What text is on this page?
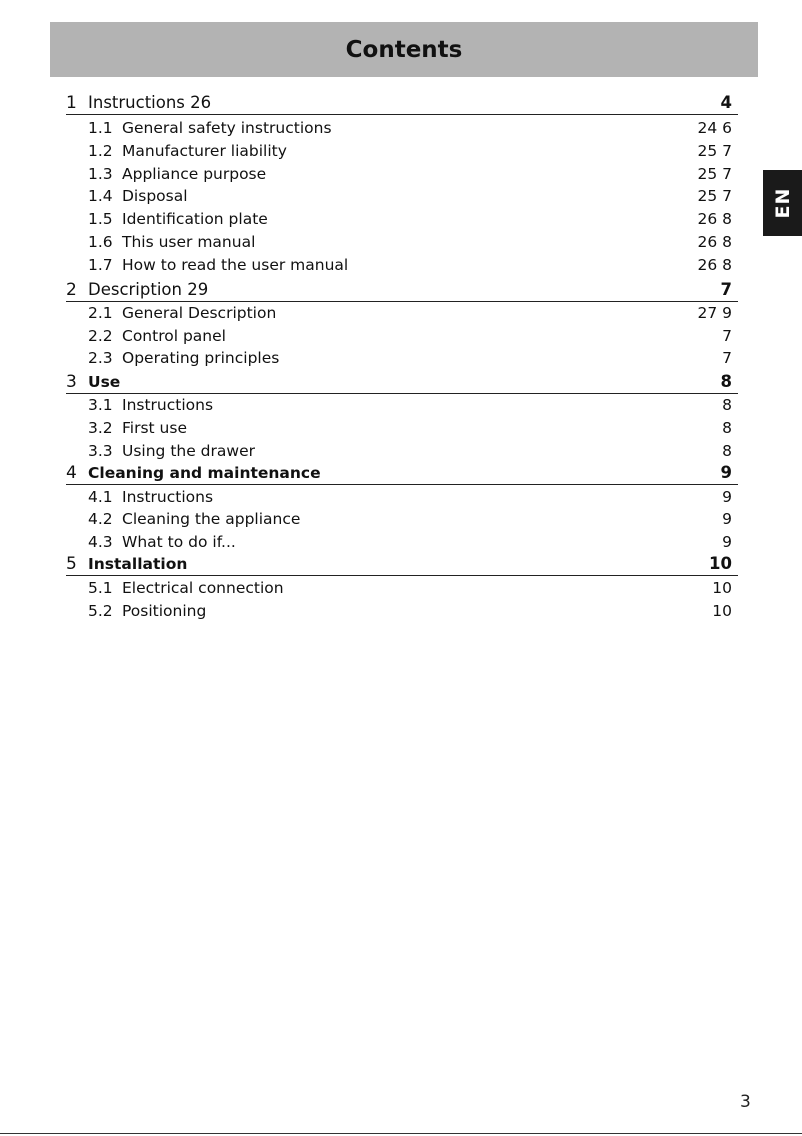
Contents
EN
1 Instructions 26	4
1.1 General safety instructions	24 6
1.2 Manufacturer liability	25 7
1.3 Appliance purpose	25 7
1.4 Disposal	25 7
1.5 Identification plate	26 8
1.6 This user manual	26 8
1.7 How to read the user manual	26 8
2 Description 29	7
2.1 General Description	27 9
2.2 Control panel	7
2.3 Operating principles	7
3 Use	8
3.1 Instructions	8
3.2 First use	8
3.3 Using the drawer	8
4 Cleaning and maintenance	9
4.1 Instructions	9
4.2 Cleaning the appliance	9
4.3 What to do if...	9
5 Installation	10
5.1 Electrical connection	10
5.2 Positioning	10
3
